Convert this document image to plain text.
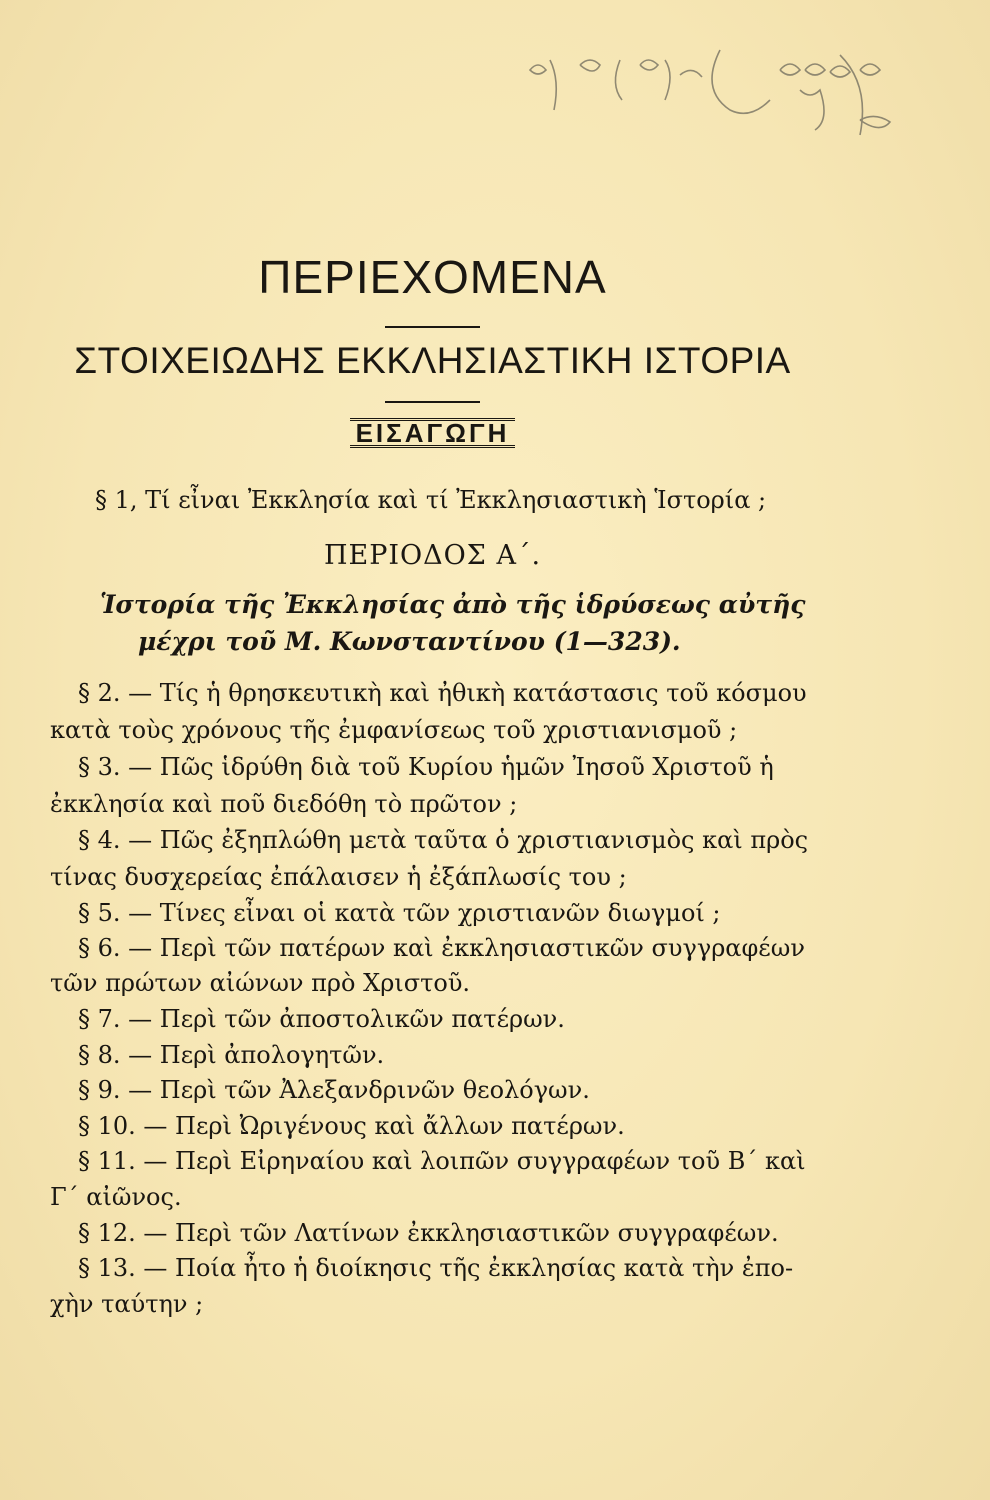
ΠΕΡΙΕΧΟΜΕΝΑ
ΣΤΟΙΧΕΙΩΔΗΣ ΕΚΚΛΗΣΙΑΣΤΙΚΗ ΙΣΤΟΡΙΑ
ΕΙΣΑΓΩΓΗ
§ 1, Τί εἶναι Ἐκκλησία καὶ τί Ἐκκλησιαστικὴ Ἱστορία ;
ΠΕΡΙΟΔΟΣ Α΄.
Ἱστορία τῆς Ἐκκλησίας ἀπὸ τῆς ἱδρύσεως αὐτῆς
μέχρι τοῦ Μ. Κωνσταντίνου (1—323).
§ 2. — Τίς ἡ θρησκευτικὴ καὶ ἠθικὴ κατάστασις τοῦ κόσμου
κατὰ τοὺς χρόνους τῆς ἐμφανίσεως τοῦ χριστιανισμοῦ ;
§ 3. — Πῶς ἱδρύθη διὰ τοῦ Κυρίου ἡμῶν Ἰησοῦ Χριστοῦ ἡ
ἐκκλησία καὶ ποῦ διεδόθη τὸ πρῶτον ;
§ 4. — Πῶς ἐξηπλώθη μετὰ ταῦτα ὁ χριστιανισμὸς καὶ πρὸς
τίνας δυσχερείας ἐπάλαισεν ἡ ἐξάπλωσίς του ;
§ 5. — Τίνες εἶναι οἱ κατὰ τῶν χριστιανῶν διωγμοί ;
§ 6. — Περὶ τῶν πατέρων καὶ ἐκκλησιαστικῶν συγγραφέων
τῶν πρώτων αἰώνων πρὸ Χριστοῦ.
§ 7. — Περὶ τῶν ἀποστολικῶν πατέρων.
§ 8. — Περὶ ἀπολογητῶν.
§ 9. — Περὶ τῶν Ἀλεξανδρινῶν θεολόγων.
§ 10. — Περὶ Ὠριγένους καὶ ἄλλων πατέρων.
§ 11. — Περὶ Εἰρηναίου καὶ λοιπῶν συγγραφέων τοῦ Β΄ καὶ
Γ΄ αἰῶνος.
§ 12. — Περὶ τῶν Λατίνων ἐκκλησιαστικῶν συγγραφέων.
§ 13. — Ποία ἦτο ἡ διοίκησις τῆς ἐκκλησίας κατὰ τὴν ἐπο-
χὴν ταύτην ;
